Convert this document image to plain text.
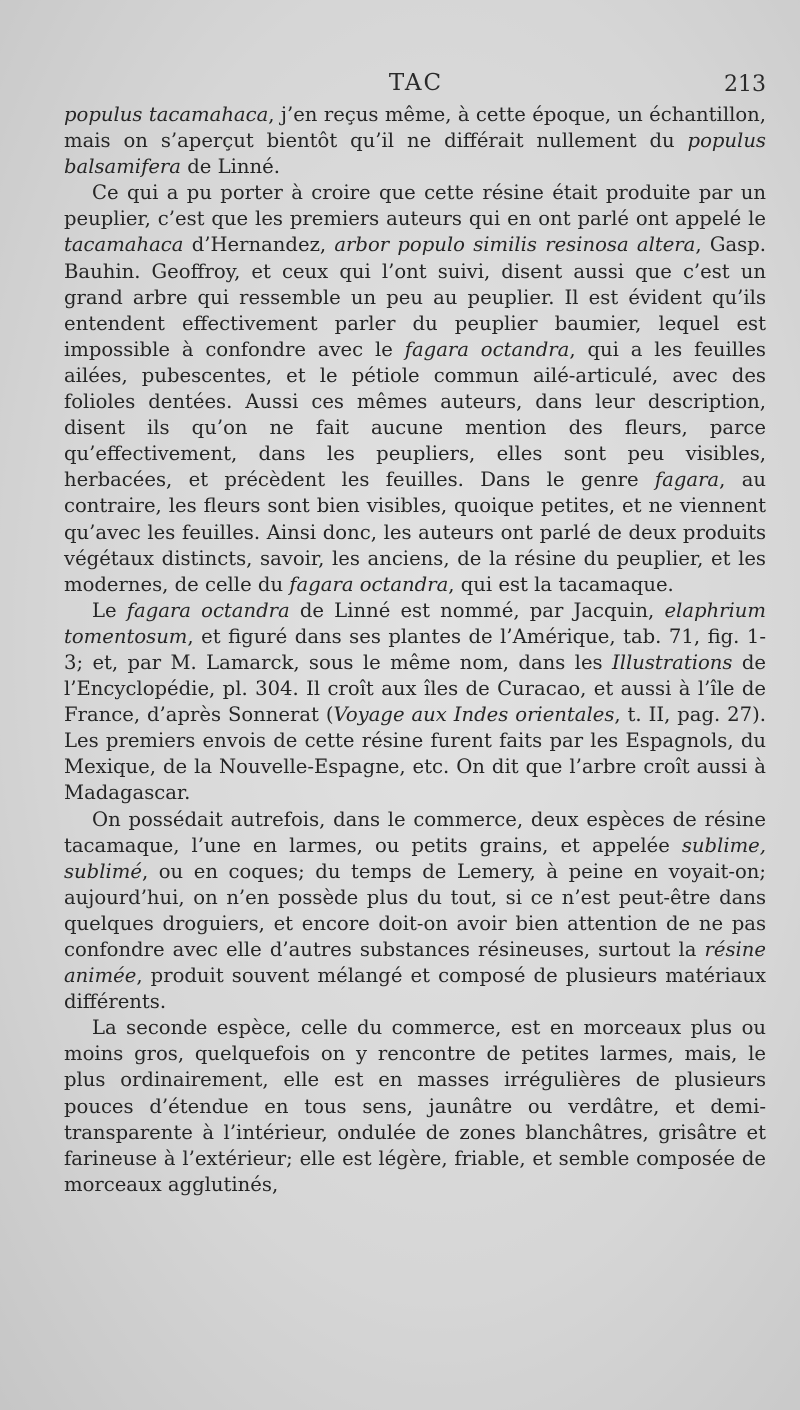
TAC	213

populus tacamahaca, j’en reçus même, à cette époque, un échantillon, mais on s’aperçut bientôt qu’il ne différait nullement du populus balsamifera de Linné.

Ce qui a pu porter à croire que cette résine était produite par un peuplier, c’est que les premiers auteurs qui en ont parlé ont appelé le tacamahaca d’Hernandez, arbor populo similis resinosa altera, Gasp. Bauhin. Geoffroy, et ceux qui l’ont suivi, disent aussi que c’est un grand arbre qui ressemble un peu au peuplier. Il est évident qu’ils entendent effectivement parler du peuplier baumier, lequel est impossible à confondre avec le fagara octandra, qui a les feuilles ailées, pubescentes, et le pétiole commun ailé-articulé, avec des folioles dentées. Aussi ces mêmes auteurs, dans leur description, disent ils qu’on ne fait aucune mention des fleurs, parce qu’effectivement, dans les peupliers, elles sont peu visibles, herbacées, et précèdent les feuilles. Dans le genre fagara, au contraire, les fleurs sont bien visibles, quoique petites, et ne viennent qu’avec les feuilles. Ainsi donc, les auteurs ont parlé de deux produits végétaux distincts, savoir, les anciens, de la résine du peuplier, et les modernes, de celle du fagara octandra, qui est la tacamaque.

Le fagara octandra de Linné est nommé, par Jacquin, elaphrium tomentosum, et figuré dans ses plantes de l’Amérique, tab. 71, fig. 1-3; et, par M. Lamarck, sous le même nom, dans les Illustrations de l’Encyclopédie, pl. 304. Il croît aux îles de Curacao, et aussi à l’île de France, d’après Sonnerat (Voyage aux Indes orientales, t. II, pag. 27). Les premiers envois de cette résine furent faits par les Espagnols, du Mexique, de la Nouvelle-Espagne, etc. On dit que l’arbre croît aussi à Madagascar.

On possédait autrefois, dans le commerce, deux espèces de résine tacamaque, l’une en larmes, ou petits grains, et appelée sublime, sublimé, ou en coques; du temps de Lemery, à peine en voyait-on; aujourd’hui, on n’en possède plus du tout, si ce n’est peut-être dans quelques droguiers, et encore doit-on avoir bien attention de ne pas confondre avec elle d’autres substances résineuses, surtout la résine animée, produit souvent mélangé et composé de plusieurs matériaux différents.

La seconde espèce, celle du commerce, est en morceaux plus ou moins gros, quelquefois on y rencontre de petites larmes, mais, le plus ordinairement, elle est en masses irrégulières de plusieurs pouces d’étendue en tous sens, jaunâtre ou verdâtre, et demi-transparente à l’intérieur, ondulée de zones blanchâtres, grisâtre et farineuse à l’extérieur; elle est légère, friable, et semble composée de morceaux agglutinés,
